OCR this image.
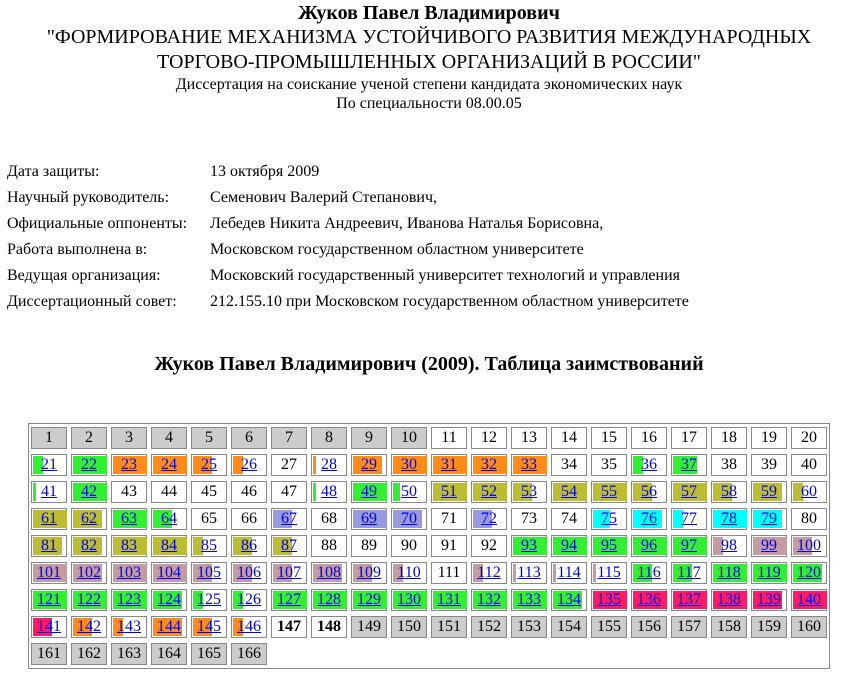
Жуков Павел Владимирович
"ФОРМИРОВАНИЕ МЕХАНИЗМА УСТОЙЧИВОГО РАЗВИТИЯ МЕЖДУНАРОДНЫХ
ТОРГОВО-ПРОМЫШЛЕННЫХ ОРГАНИЗАЦИЙ В РОССИИ"
Диссертация на соискание ученой степени кандидата экономических наук
По специальности 08.00.05
Дата защиты:	13 октября 2009
Научный руководитель:	Семенович Валерий Степанович,
Официальные оппоненты:	Лебедев Никита Андреевич, Иванова Наталья Борисовна,
Работа выполнена в:	Московском государственном областном университете
Ведущая организация:	Московский государственный университет технологий и управления
Диссертационный совет:	212.155.10 при Московском государственном областном университете
Жуков Павел Владимирович (2009). Таблица заимствований
1	2	3	4	5	6	7	8	9	10	11	12	13	14	15	16	17	18	19	20
21	22	23	24	25	26	27	28	29	30	31	32	33	34	35	36	37	38	39	40
41	42	43	44	45	46	47	48	49	50	51	52	53	54	55	56	57	58	59	60
61	62	63	64	65	66	67	68	69	70	71	72	73	74	75	76	77	78	79	80
81	82	83	84	85	86	87	88	89	90	91	92	93	94	95	96	97	98	99	100
101	102	103	104	105	106	107	108	109	110	111	112	113	114	115	116	117	118	119	120
121	122	123	124	125	126	127	128	129	130	131	132	133	134	135	136	137	138	139	140
141	142	143	144	145	146	147	148	149	150	151	152	153	154	155	156	157	158	159	160
161	162	163	164	165	166
